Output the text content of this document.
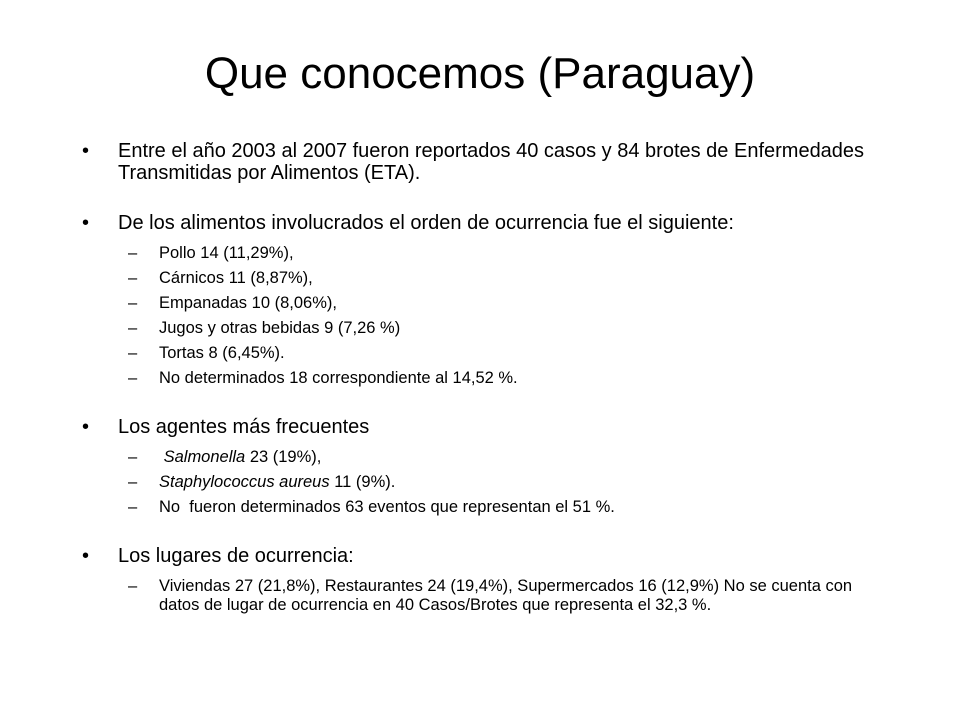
Que conocemos (Paraguay)
• Entre el año 2003 al 2007 fueron reportados 40 casos y 84 brotes de Enfermedades Transmitidas por Alimentos (ETA).
• De los alimentos involucrados el orden de ocurrencia fue el siguiente:
– Pollo 14 (11,29%),
– Cárnicos 11 (8,87%),
– Empanadas 10 (8,06%),
– Jugos y otras bebidas 9 (7,26 %)
– Tortas 8 (6,45%).
– No determinados 18 correspondiente al 14,52 %.
• Los agentes más frecuentes
– Salmonella 23 (19%),
– Staphylococcus aureus 11 (9%).
– No  fueron determinados 63 eventos que representan el 51 %.
• Los lugares de ocurrencia:
– Viviendas 27 (21,8%), Restaurantes 24 (19,4%), Supermercados 16 (12,9%) No se cuenta con datos de lugar de ocurrencia en 40 Casos/Brotes que representa el 32,3 %.
